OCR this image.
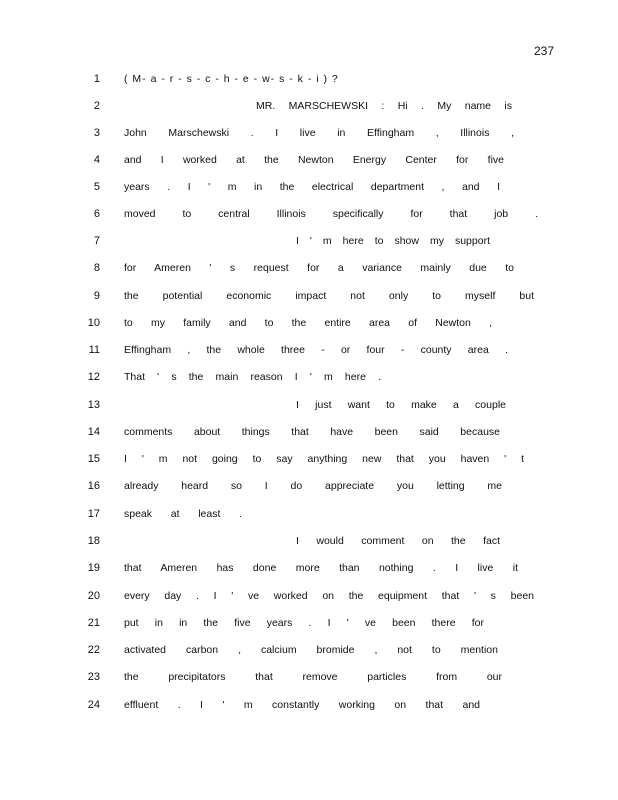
237
1 ( M- a - r - s - c - h - e - w- s - k - i ) ?
2	MR. MARSCHEWSKI : Hi . My name is
3 John Marschewski . I live in Effingham , Illinois ,
4 and I worked at the Newton Energy Center for five
5 years . I ' m in the electrical department , and I
6 moved to central Illinois specifically for that job .
7	I ' m here to show my support
8 for Ameren ' s request for a variance mainly due to
9 the potential economic impact not only to myself but
10 to my family and to the entire area of Newton ,
11 Effingham , the whole three - or four - county area .
12 That ' s the main reason I ' m here .
13	I just want to make a couple
14 comments about things that have been said because
15 I ' m not going to say anything new that you haven ' t
16 already heard so I do appreciate you letting me
17 speak at least .
18	I would comment on the fact
19 that Ameren has done more than nothing . I live it
20 every day . I ' ve worked on the equipment that ' s been
21 put in in the five years . I ' ve been there for
22 activated carbon , calcium bromide , not to mention
23 the precipitators that remove particles from our
24 effluent . I ' m constantly working on that and
